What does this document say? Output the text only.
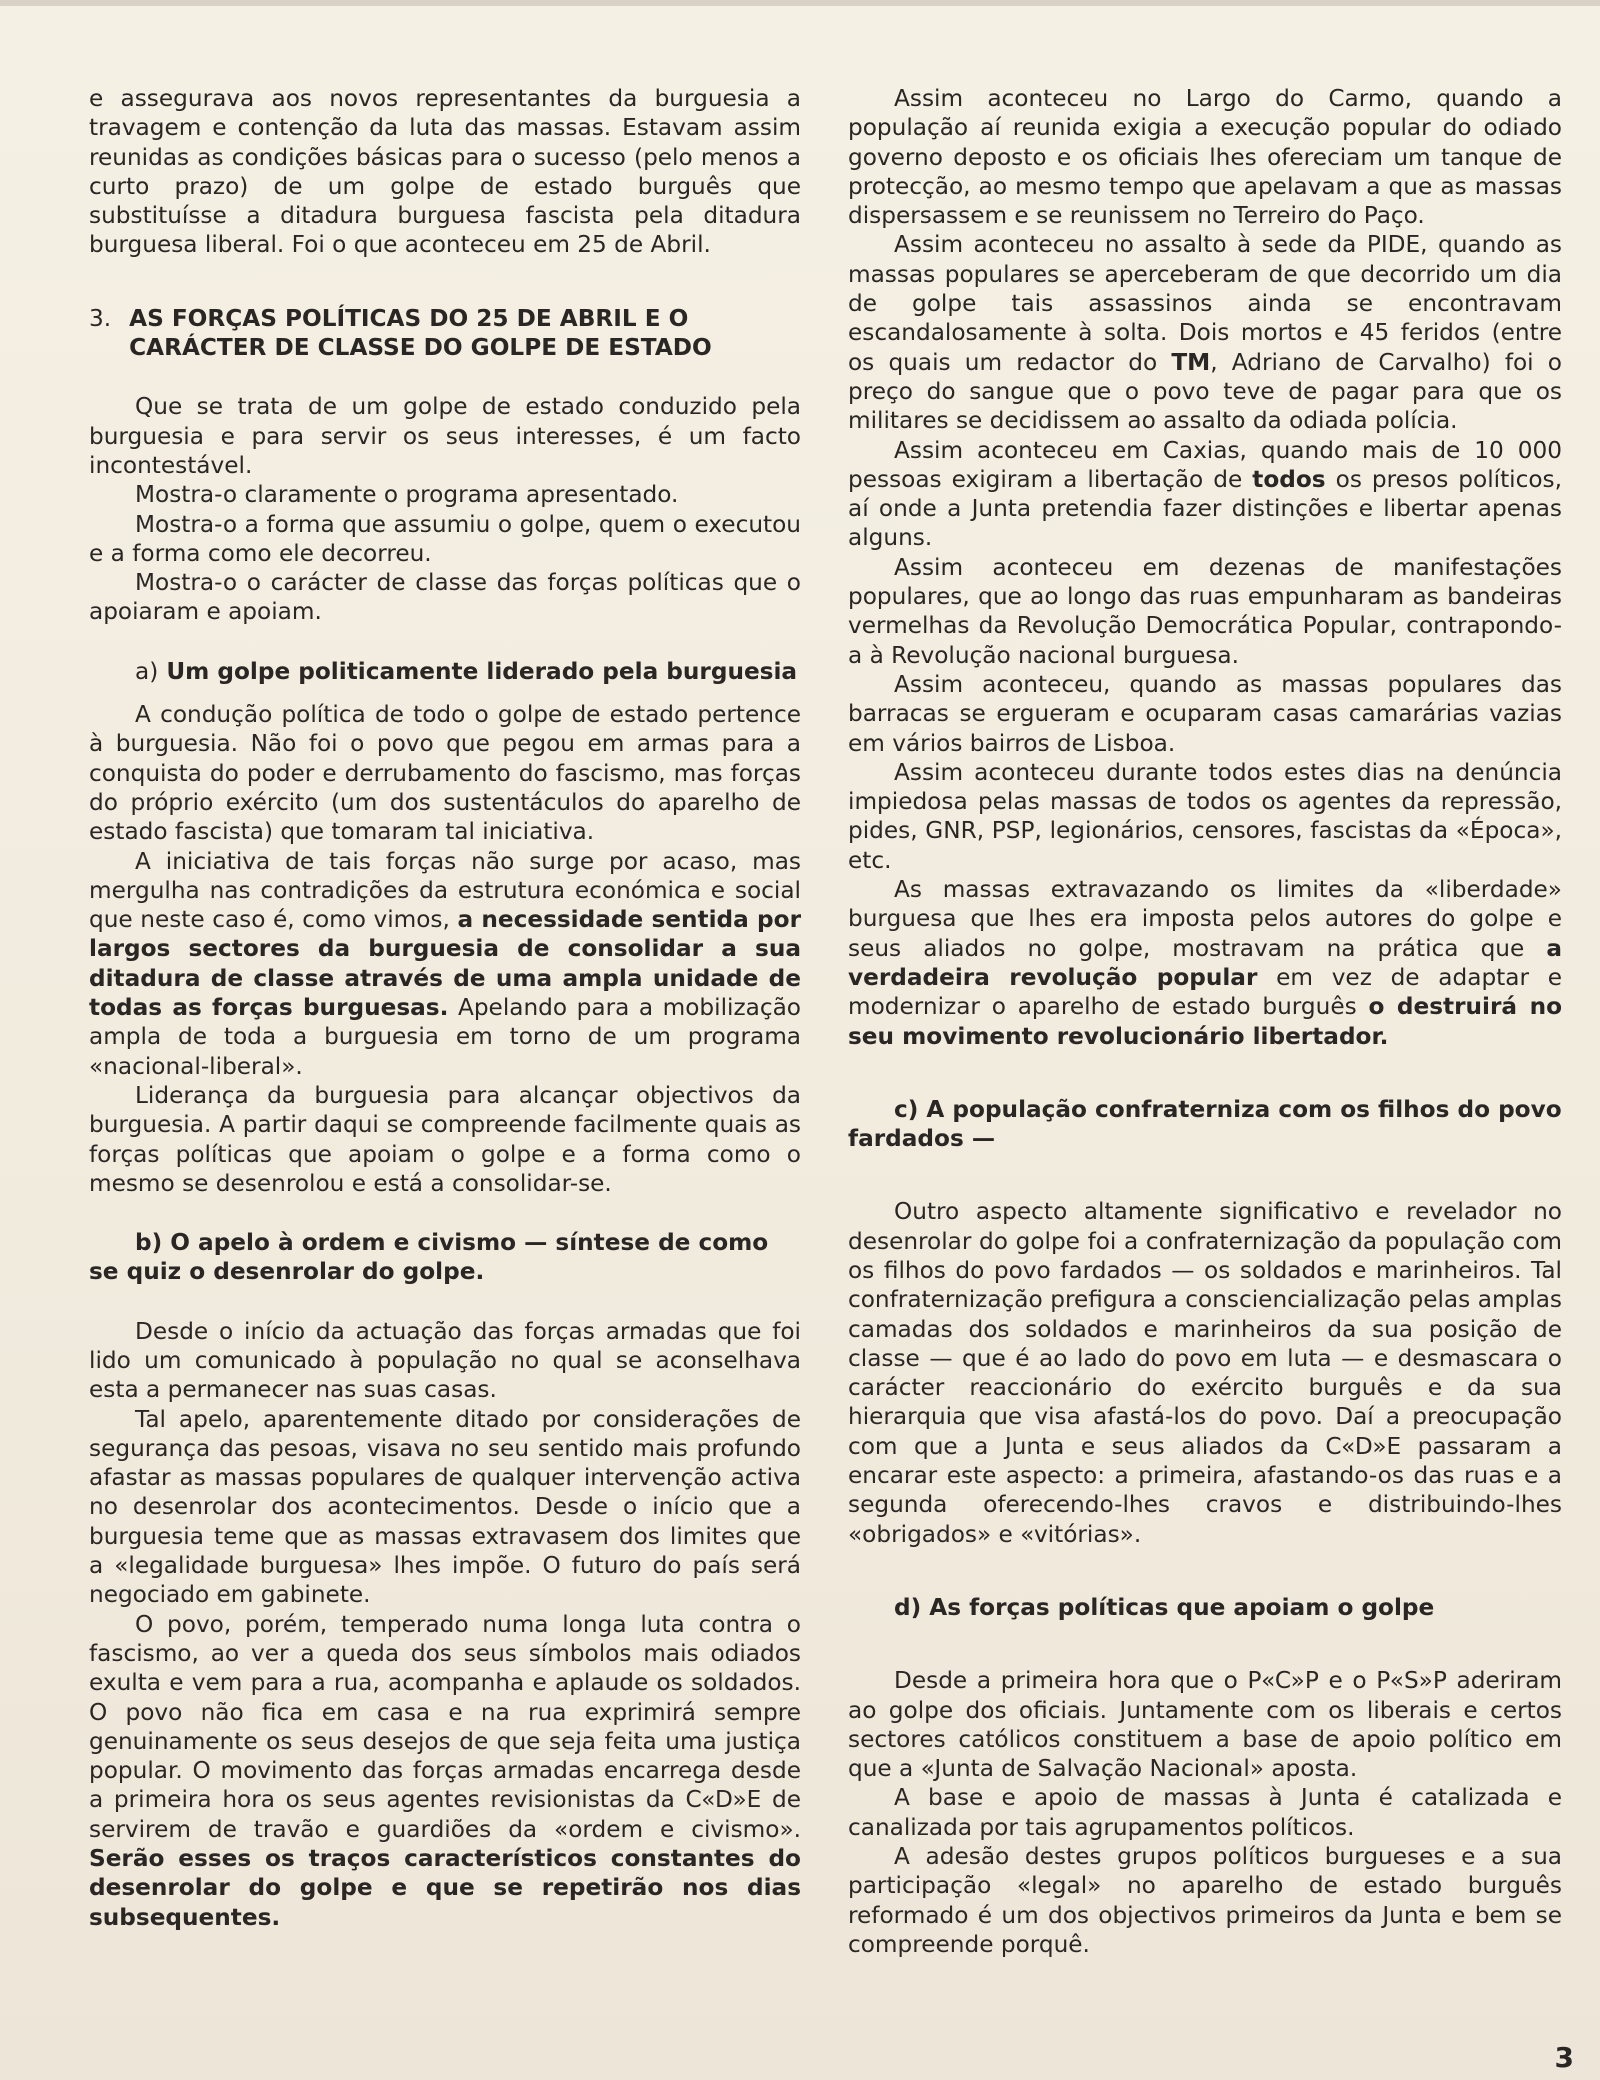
e assegurava aos novos representantes da burguesia a travagem e contenção da luta das massas. Estavam assim reunidas as condições básicas para o sucesso (pelo menos a curto prazo) de um golpe de estado burguês que substituísse a ditadura burguesa fascista pela ditadura burguesa liberal. Foi o que aconteceu em 25 de Abril.

3. AS FORÇAS POLÍTICAS DO 25 DE ABRIL E O CARÁCTER DE CLASSE DO GOLPE DE ESTADO

Que se trata de um golpe de estado conduzido pela burguesia e para servir os seus interesses, é um facto incontestável.

Mostra-o claramente o programa apresentado.

Mostra-o a forma que assumiu o golpe, quem o executou e a forma como ele decorreu.

Mostra-o o carácter de classe das forças políticas que o apoiaram e apoiam.

a) Um golpe politicamente liderado pela burguesia

A condução política de todo o golpe de estado pertence à burguesia. Não foi o povo que pegou em armas para a conquista do poder e derrubamento do fascismo, mas forças do próprio exército (um dos sustentáculos do aparelho de estado fascista) que tomaram tal iniciativa.

A iniciativa de tais forças não surge por acaso, mas mergulha nas contradições da estrutura económica e social que neste caso é, como vimos, a necessidade sentida por largos sectores da burguesia de consolidar a sua ditadura de classe através de uma ampla unidade de todas as forças burguesas. Apelando para a mobilização ampla de toda a burguesia em torno de um programa «nacional-liberal».

Liderança da burguesia para alcançar objectivos da burguesia. A partir daqui se compreende facilmente quais as forças políticas que apoiam o golpe e a forma como o mesmo se desenrolou e está a consolidar-se.

b) O apelo à ordem e civismo — síntese de como se quiz o desenrolar do golpe.

Desde o início da actuação das forças armadas que foi lido um comunicado à população no qual se aconselhava esta a permanecer nas suas casas.

Tal apelo, aparentemente ditado por considerações de segurança das pesoas, visava no seu sentido mais profundo afastar as massas populares de qualquer intervenção activa no desenrolar dos acontecimentos. Desde o início que a burguesia teme que as massas extravasem dos limites que a «legalidade burguesa» lhes impõe. O futuro do país será negociado em gabinete.

O povo, porém, temperado numa longa luta contra o fascismo, ao ver a queda dos seus símbolos mais odiados exulta e vem para a rua, acompanha e aplaude os soldados. O povo não fica em casa e na rua exprimirá sempre genuinamente os seus desejos de que seja feita uma justiça popular. O movimento das forças armadas encarrega desde a primeira hora os seus agentes revisionistas da C«D»E de servirem de travão e guardiões da «ordem e civismo». Serão esses os traços característicos constantes do desenrolar do golpe e que se repetirão nos dias subsequentes.

Assim aconteceu no Largo do Carmo, quando a população aí reunida exigia a execução popular do odiado governo deposto e os oficiais lhes ofereciam um tanque de protecção, ao mesmo tempo que apelavam a que as massas dispersassem e se reunissem no Terreiro do Paço.

Assim aconteceu no assalto à sede da PIDE, quando as massas populares se aperceberam de que decorrido um dia de golpe tais assassinos ainda se encontravam escandalosamente à solta. Dois mortos e 45 feridos (entre os quais um redactor do TM, Adriano de Carvalho) foi o preço do sangue que o povo teve de pagar para que os militares se decidissem ao assalto da odiada polícia.

Assim aconteceu em Caxias, quando mais de 10 000 pessoas exigiram a libertação de todos os presos políticos, aí onde a Junta pretendia fazer distinções e libertar apenas alguns.

Assim aconteceu em dezenas de manifestações populares, que ao longo das ruas empunharam as bandeiras vermelhas da Revolução Democrática Popular, contrapondo-a à Revolução nacional burguesa.

Assim aconteceu, quando as massas populares das barracas se ergueram e ocuparam casas camarárias vazias em vários bairros de Lisboa.

Assim aconteceu durante todos estes dias na denúncia impiedosa pelas massas de todos os agentes da repressão, pides, GNR, PSP, legionários, censores, fascistas da «Época», etc.

As massas extravazando os limites da «liberdade» burguesa que lhes era imposta pelos autores do golpe e seus aliados no golpe, mostravam na prática que a verdadeira revolução popular em vez de adaptar e modernizar o aparelho de estado burguês o destruirá no seu movimento revolucionário libertador.

c) A população confraterniza com os filhos do povo fardados —

Outro aspecto altamente significativo e revelador no desenrolar do golpe foi a confraternização da população com os filhos do povo fardados — os soldados e marinheiros. Tal confraternização prefigura a consciencialização pelas amplas camadas dos soldados e marinheiros da sua posição de classe — que é ao lado do povo em luta — e desmascara o carácter reaccionário do exército burguês e da sua hierarquia que visa afastá-los do povo. Daí a preocupação com que a Junta e seus aliados da C«D»E passaram a encarar este aspecto: a primeira, afastando-os das ruas e a segunda oferecendo-lhes cravos e distribuindo-lhes «obrigados» e «vitórias».

d) As forças políticas que apoiam o golpe

Desde a primeira hora que o P«C»P e o P«S»P aderiram ao golpe dos oficiais. Juntamente com os liberais e certos sectores católicos constituem a base de apoio político em que a «Junta de Salvação Nacional» aposta.

A base e apoio de massas à Junta é catalizada e canalizada por tais agrupamentos políticos.

A adesão destes grupos políticos burgueses e a sua participação «legal» no aparelho de estado burguês reformado é um dos objectivos primeiros da Junta e bem se compreende porquê.

3
